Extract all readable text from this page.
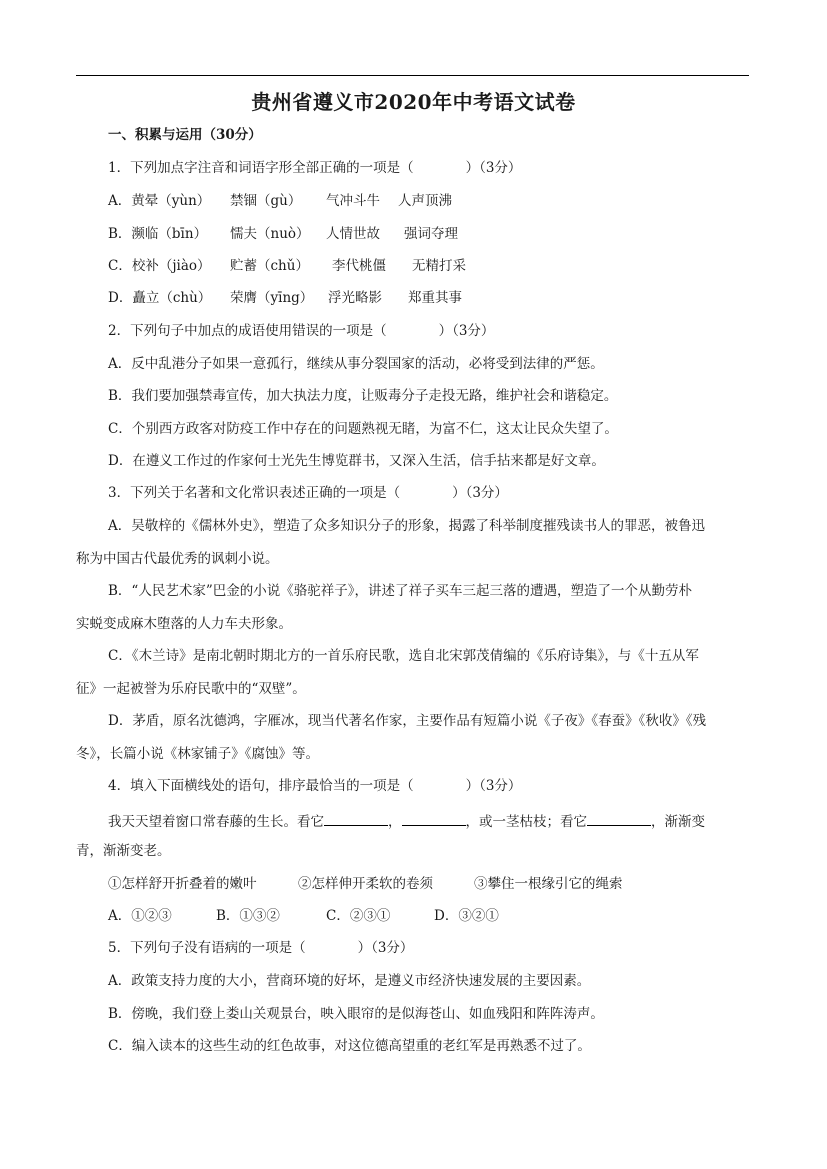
贵州省遵义市2020年中考语文试卷
一、积累与运用（30分）
1．下列加点字注音和词语字形全部正确的一项是（	）（3分）
A．黄晕（yùn） 禁锢（gù） 气冲斗牛 人声顶沸
B．濒临（bīn） 懦夫（nuò） 人情世故 强词夺理
C．校补（jiào） 贮蓄（chǔ） 李代桃僵 无精打采
D．矗立（chù） 荣膺（yīng） 浮光略影 郑重其事
2．下列句子中加点的成语使用错误的一项是（	）（3分）
A．反中乱港分子如果一意孤行，继续从事分裂国家的活动，必将受到法律的严惩。
B．我们要加强禁毒宣传，加大执法力度，让贩毒分子走投无路，维护社会和谐稳定。
C．个别西方政客对防疫工作中存在的问题熟视无睹，为富不仁，这太让民众失望了。
D．在遵义工作过的作家何士光先生博览群书，又深入生活，信手拈来都是好文章。
3．下列关于名著和文化常识表述正确的一项是（	）（3分）
A．吴敬梓的《儒林外史》，塑造了众多知识分子的形象，揭露了科举制度摧残读书人的罪恶，被鲁迅
称为中国古代最优秀的讽刺小说。
B．“人民艺术家”巴金的小说《骆驼祥子》，讲述了祥子买车三起三落的遭遇，塑造了一个从勤劳朴
实蜕变成麻木堕落的人力车夫形象。
C．《木兰诗》是南北朝时期北方的一首乐府民歌，选自北宋郭茂倩编的《乐府诗集》，与《十五从军
征》一起被誉为乐府民歌中的“双壁”。
D．茅盾，原名沈德鸿，字雁冰，现当代著名作家，主要作品有短篇小说《子夜》《春蚕》《秋收》《残
冬》，长篇小说《林家铺子》《腐蚀》等。
4．填入下面横线处的语句，排序最恰当的一项是（	）（3分）
我天天望着窗口常春藤的生长。看它	，	，或一茎枯枝；看它	，渐渐变
青，渐渐变老。
①怎样舒开折叠着的嫩叶	②怎样伸开柔软的卷须	③攀住一根缘引它的绳索
A．①②③	B．①③②	C．②③①	D．③②①
5．下列句子没有语病的一项是（	）（3分）
A．政策支持力度的大小，营商环境的好坏，是遵义市经济快速发展的主要因素。
B．傍晚，我们登上娄山关观景台，映入眼帘的是似海苍山、如血残阳和阵阵涛声。
C．编入读本的这些生动的红色故事，对这位德高望重的老红军是再熟悉不过了。
